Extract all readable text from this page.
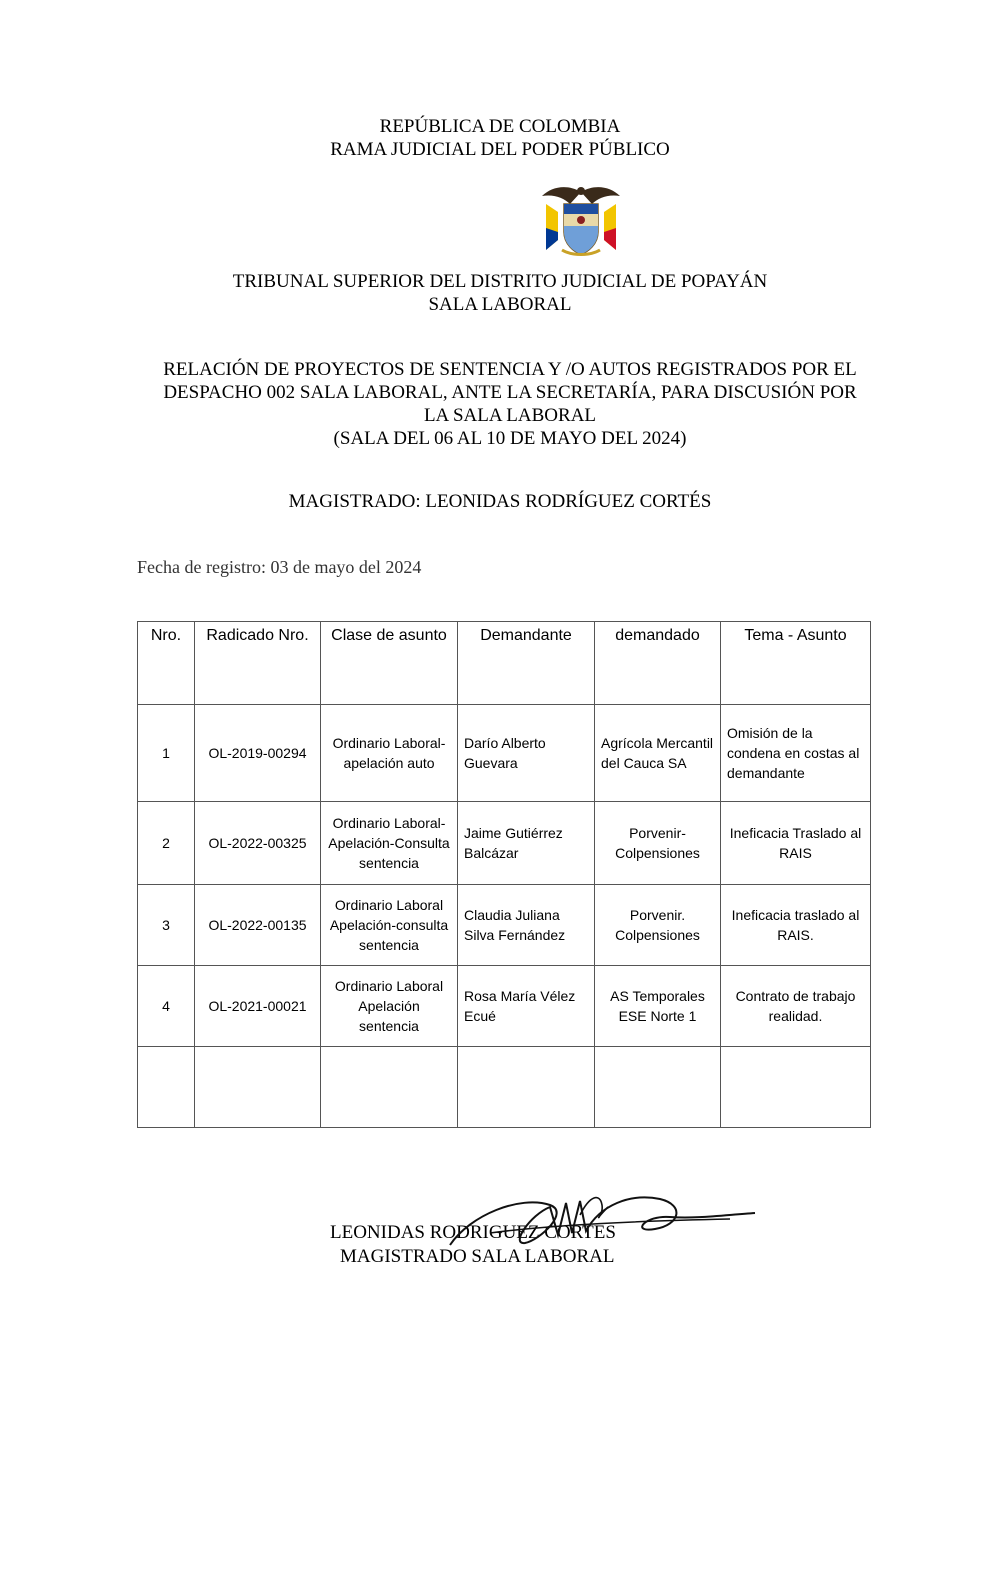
REPÚBLICA DE COLOMBIA
RAMA JUDICIAL DEL PODER PÚBLICO
TRIBUNAL SUPERIOR DEL DISTRITO JUDICIAL DE POPAYÁN
SALA LABORAL
RELACIÓN DE PROYECTOS DE SENTENCIA Y /O AUTOS REGISTRADOS POR EL
DESPACHO 002 SALA LABORAL, ANTE LA SECRETARÍA, PARA DISCUSIÓN POR
LA SALA LABORAL
(SALA DEL 06 AL 10 DE MAYO DEL 2024)
MAGISTRADO: LEONIDAS RODRÍGUEZ CORTÉS
Fecha de registro: 03 de mayo del 2024
Nro.	Radicado Nro.	Clase de asunto	Demandante	demandado	Tema - Asunto
1	OL-2019-00294	Ordinario Laboral-apelación auto	Darío Alberto Guevara	Agrícola Mercantil del Cauca SA	Omisión de la condena en costas al demandante
2	OL-2022-00325	Ordinario Laboral-Apelación-Consulta sentencia	Jaime Gutiérrez Balcázar	Porvenir-Colpensiones	Ineficacia Traslado al RAIS
3	OL-2022-00135	Ordinario Laboral Apelación-consulta sentencia	Claudia Juliana Silva Fernández	Porvenir. Colpensiones	Ineficacia traslado al RAIS.
4	OL-2021-00021	Ordinario Laboral Apelación sentencia	Rosa María Vélez Ecué	AS Temporales ESE Norte 1	Contrato de trabajo realidad.

LEONIDAS RODRIGUEZ CORTES
MAGISTRADO SALA LABORAL
